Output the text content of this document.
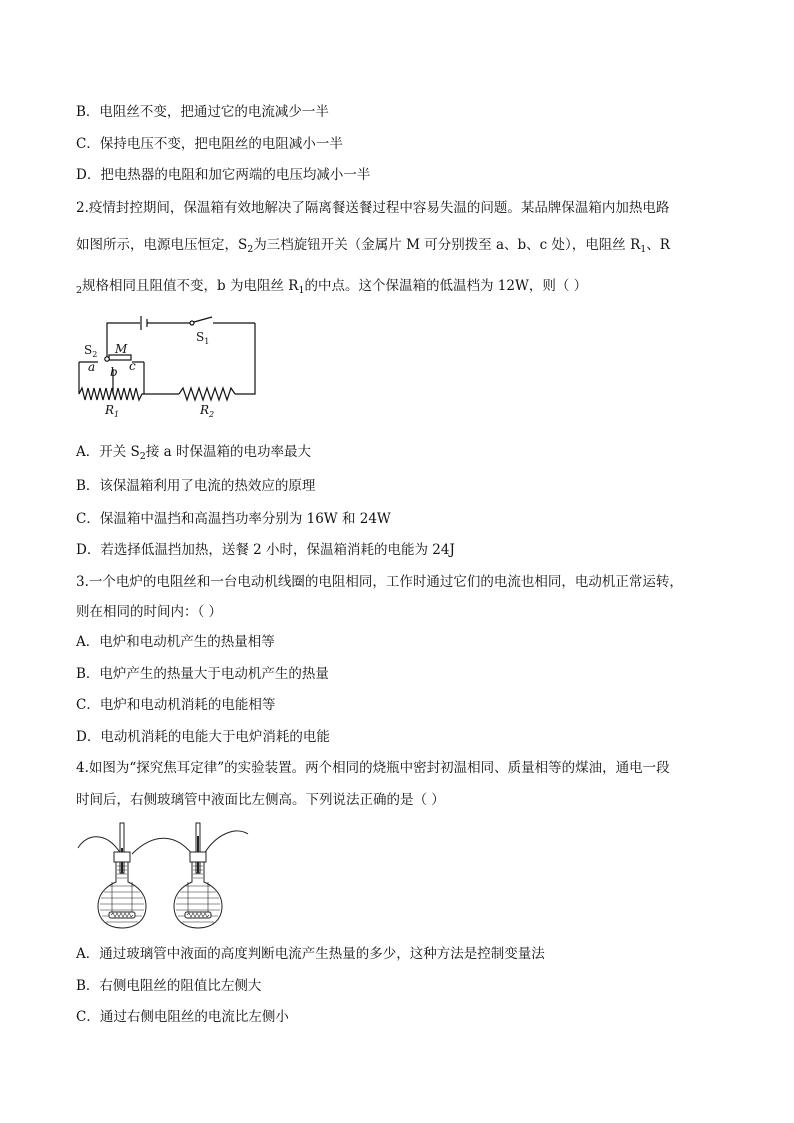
B．电阻丝不变，把通过它的电流减少一半
C．保持电压不变，把电阻丝的电阻减小一半
D．把电热器的电阻和加它两端的电压均减小一半
2.疫情封控期间，保温箱有效地解决了隔离餐送餐过程中容易失温的问题。某品牌保温箱内加热电路
如图所示，电源电压恒定，$S_2$为三档旋钮开关（金属片 M 可分别拨至 a、b、c 处），电阻丝 $R_1$、R
$_2$规格相同且阻值不变，b 为电阻丝 $R_1$的中点。这个保温箱的低温档为 12W，则（ ）
$S_1$
$S_2$ M
a b c
$R_1$	$R_2$
A．开关 $S_2$接 a 时保温箱的电功率最大
B．该保温箱利用了电流的热效应的原理
C．保温箱中温挡和高温挡功率分别为 16W 和 24W
D．若选择低温挡加热，送餐 2 小时，保温箱消耗的电能为 24J
3.一个电炉的电阻丝和一台电动机线圈的电阻相同，工作时通过它们的电流也相同，电动机正常运转，
则在相同的时间内：（ ）
A．电炉和电动机产生的热量相等
B．电炉产生的热量大于电动机产生的热量
C．电炉和电动机消耗的电能相等
D．电动机消耗的电能大于电炉消耗的电能
4.如图为“探究焦耳定律”的实验装置。两个相同的烧瓶中密封初温相同、质量相等的煤油，通电一段
时间后，右侧玻璃管中液面比左侧高。下列说法正确的是（ ）
A．通过玻璃管中液面的高度判断电流产生热量的多少，这种方法是控制变量法
B．右侧电阻丝的阻值比左侧大
C．通过右侧电阻丝的电流比左侧小
